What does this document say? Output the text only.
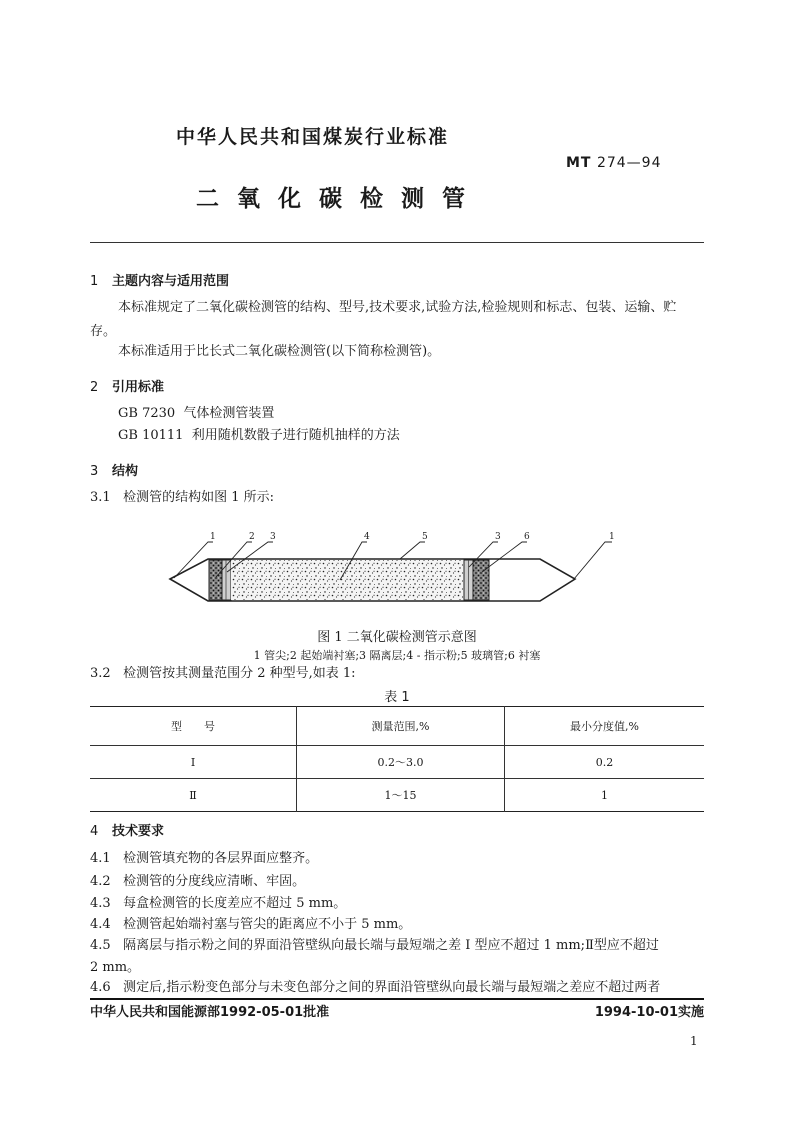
中华人民共和国煤炭行业标准
MT 274—94
二氧化碳检测管
1 主题内容与适用范围
本标准规定了二氧化碳检测管的结构、型号,技术要求,试验方法,检验规则和标志、包装、运输、贮
存。
本标准适用于比长式二氧化碳检测管(以下简称检测管)。
2 引用标准
GB 7230 气体检测管装置
GB 10111 利用随机数骰子进行随机抽样的方法
3 结构
3.1 检测管的结构如图 1 所示:
1	2 3	4	5	3	6	1
图 1 二氧化碳检测管示意图
1 管尖;2 起始端衬塞;3 隔离层;4 - 指示粉;5 玻璃管;6 衬塞
3.2 检测管按其测量范围分 2 种型号,如表 1:
表 1
型　　号	测量范围,%	最小分度值,%
I	0.2～3.0	0.2
Ⅱ	1～15	1
4 技术要求
4.1 检测管填充物的各层界面应整齐。
4.2 检测管的分度线应清晰、牢固。
4.3 每盒检测管的长度差应不超过 5 mm。
4.4 检测管起始端衬塞与管尖的距离应不小于 5 mm。
4.5 隔离层与指示粉之间的界面沿管壁纵向最长端与最短端之差 I 型应不超过 1 mm;Ⅱ型应不超过
2 mm。
4.6 测定后,指示粉变色部分与未变色部分之间的界面沿管壁纵向最长端与最短端之差应不超过两者
中华人民共和国能源部1992-05-01批准	1994-10-01实施
1
